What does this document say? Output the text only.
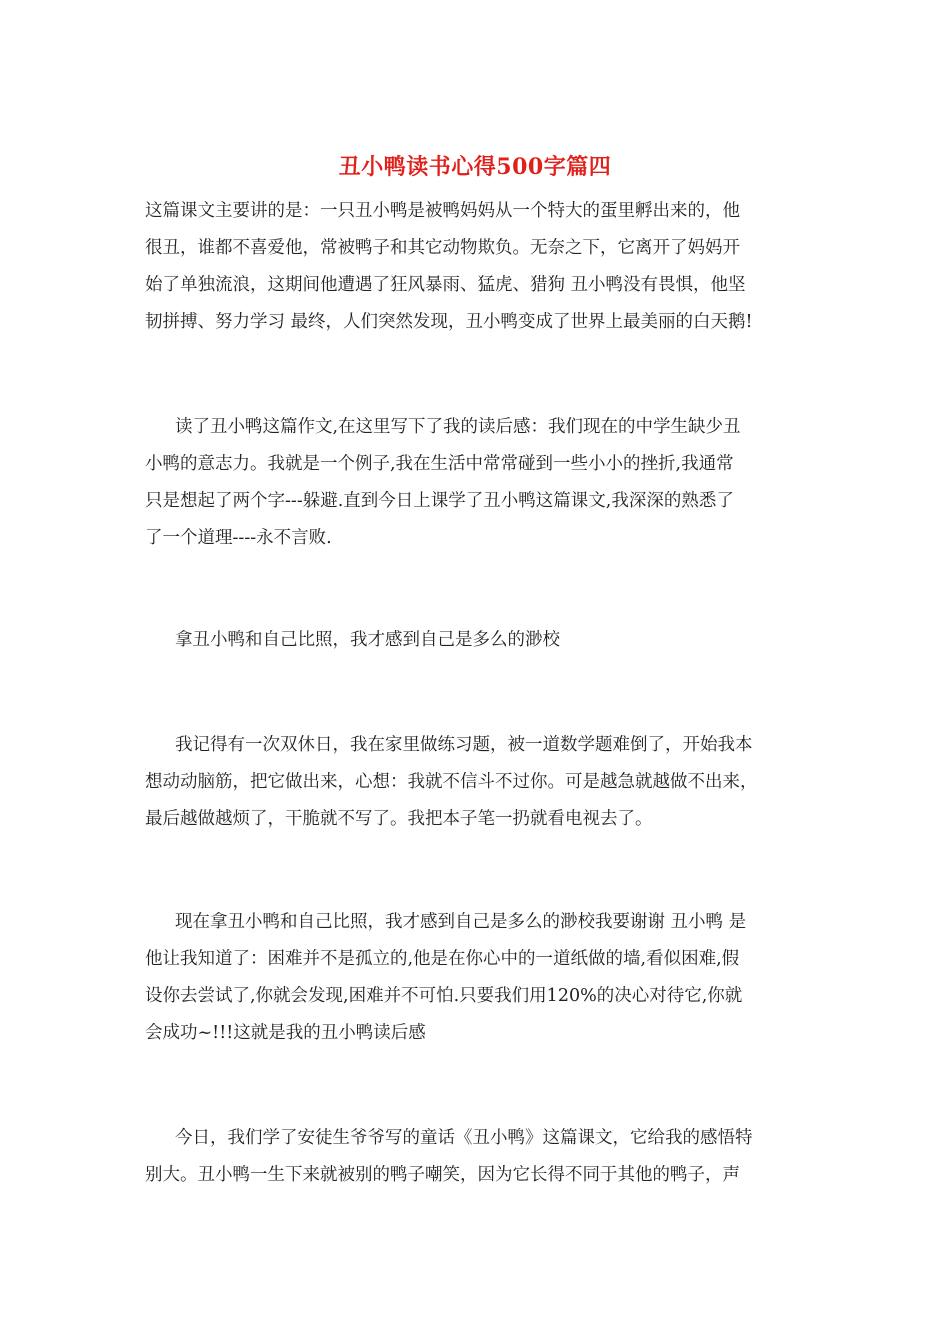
丑小鸭读书心得500字篇四
这篇课文主要讲的是：一只丑小鸭是被鸭妈妈从一个特大的蛋里孵出来的，他
很丑，谁都不喜爱他，常被鸭子和其它动物欺负。无奈之下，它离开了妈妈开
始了单独流浪，这期间他遭遇了狂风暴雨、猛虎、猎狗 丑小鸭没有畏惧，他坚
韧拼搏、努力学习 最终，人们突然发现，丑小鸭变成了世界上最美丽的白天鹅!
读了丑小鸭这篇作文,在这里写下了我的读后感：我们现在的中学生缺少丑
小鸭的意志力。我就是一个例子,我在生活中常常碰到一些小小的挫折,我通常
只是想起了两个字---躲避.直到今日上课学了丑小鸭这篇课文,我深深的熟悉了
了一个道理----永不言败.
拿丑小鸭和自己比照，我才感到自己是多么的渺校
我记得有一次双休日，我在家里做练习题，被一道数学题难倒了，开始我本
想动动脑筋，把它做出来，心想：我就不信斗不过你。可是越急就越做不出来，
最后越做越烦了，干脆就不写了。我把本子笔一扔就看电视去了。
现在拿丑小鸭和自己比照，我才感到自己是多么的渺校我要谢谢 丑小鸭 是
他让我知道了：困难并不是孤立的,他是在你心中的一道纸做的墙,看似困难,假
设你去尝试了,你就会发现,困难并不可怕.只要我们用120%的决心对待它,你就
会成功~!!!这就是我的丑小鸭读后感
今日，我们学了安徒生爷爷写的童话《丑小鸭》这篇课文，它给我的感悟特
别大。丑小鸭一生下来就被别的鸭子嘲笑，因为它长得不同于其他的鸭子，声
